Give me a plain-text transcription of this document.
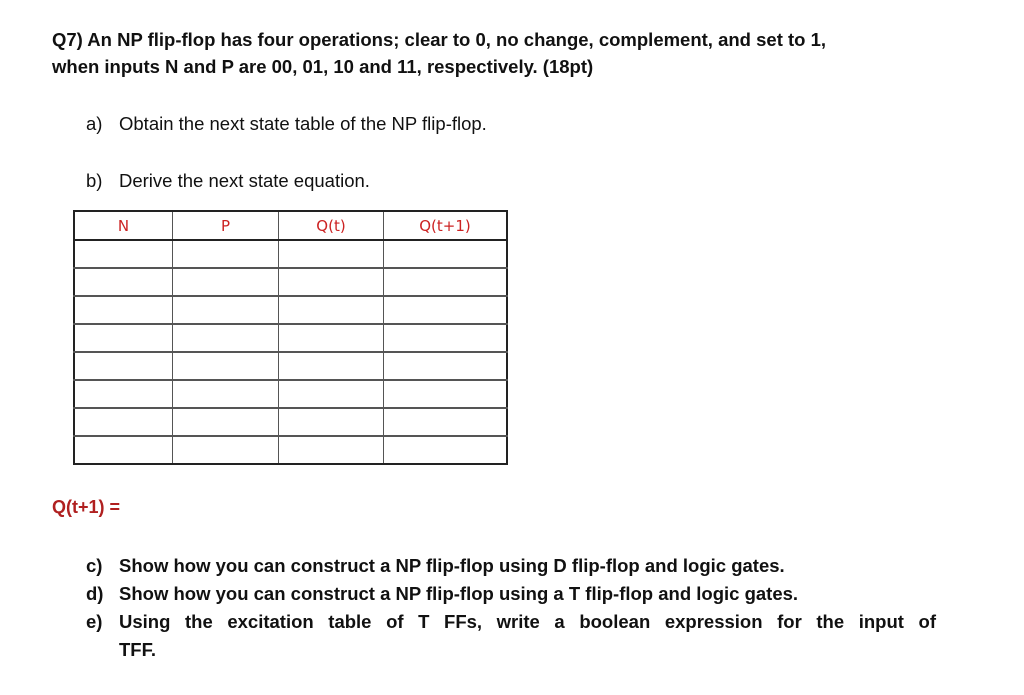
Q7) An NP flip-flop has four operations; clear to 0, no change, complement, and set to 1,
when inputs N and P are 00, 01, 10 and 11, respectively. (18pt)
a) Obtain the next state table of the NP flip-flop.
b) Derive the next state equation.
N	P	Q(t)	Q(t+1)

Q(t+1) =
c) Show how you can construct a NP flip-flop using D flip-flop and logic gates.
d) Show how you can construct a NP flip-flop using a T flip-flop and logic gates.
e) Using the excitation table of T FFs, write a boolean expression for the input of
TFF.
